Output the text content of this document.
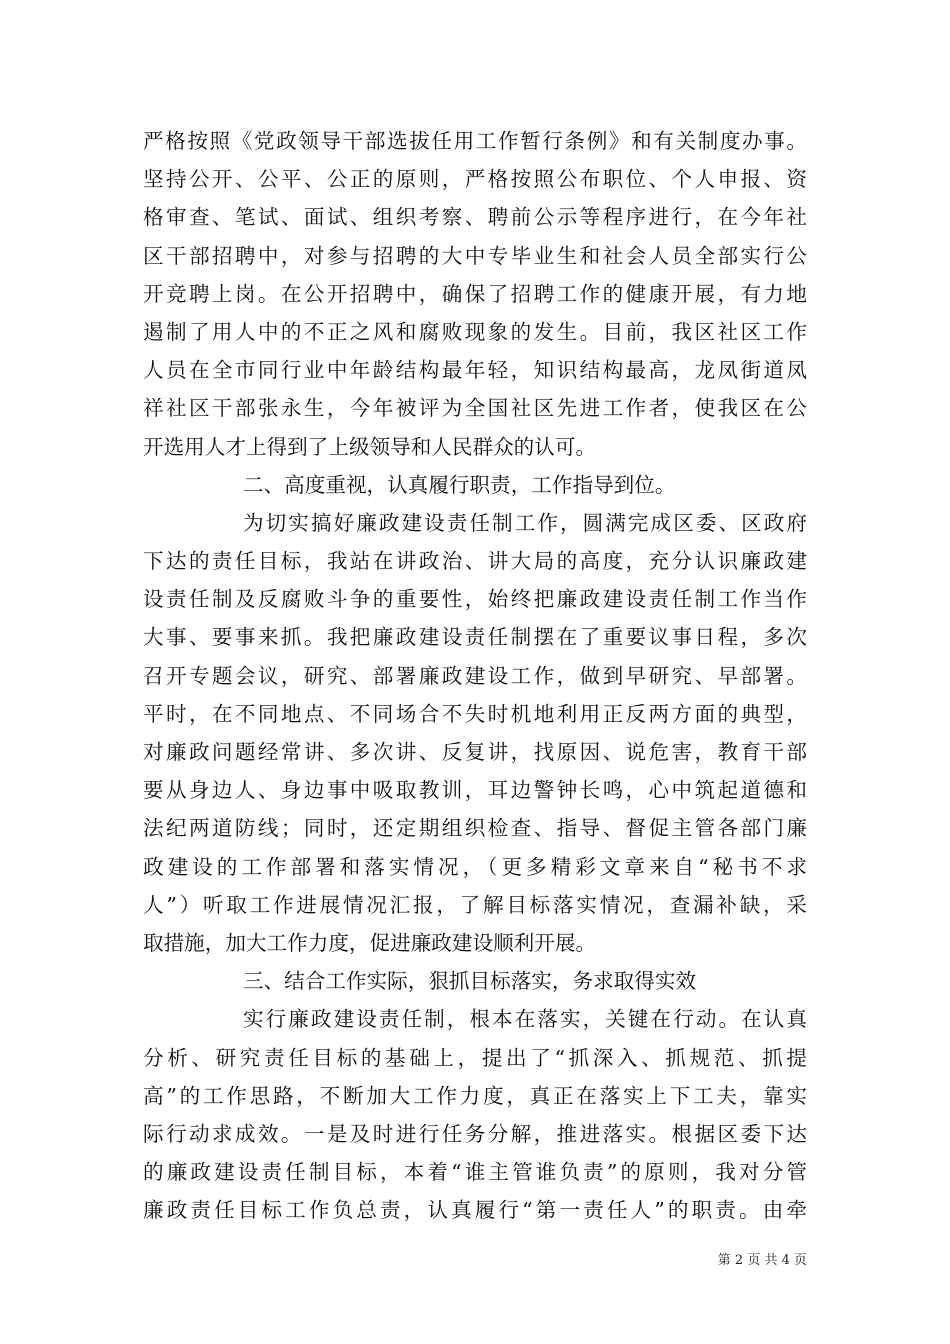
严格按照《党政领导干部选拔任用工作暂行条例》和有关制度办事。
坚持公开、公平、公正的原则，严格按照公布职位、个人申报、资
格审查、笔试、面试、组织考察、聘前公示等程序进行，在今年社
区干部招聘中，对参与招聘的大中专毕业生和社会人员全部实行公
开竞聘上岗。在公开招聘中，确保了招聘工作的健康开展，有力地
遏制了用人中的不正之风和腐败现象的发生。目前，我区社区工作
人员在全市同行业中年龄结构最年轻，知识结构最高，龙凤街道凤
祥社区干部张永生，今年被评为全国社区先进工作者，使我区在公
开选用人才上得到了上级领导和人民群众的认可。
二、高度重视，认真履行职责，工作指导到位。
为切实搞好廉政建设责任制工作，圆满完成区委、区政府
下达的责任目标，我站在讲政治、讲大局的高度，充分认识廉政建
设责任制及反腐败斗争的重要性，始终把廉政建设责任制工作当作
大事、要事来抓。我把廉政建设责任制摆在了重要议事日程，多次
召开专题会议，研究、部署廉政建设工作，做到早研究、早部署。
平时，在不同地点、不同场合不失时机地利用正反两方面的典型，
对廉政问题经常讲、多次讲、反复讲，找原因、说危害，教育干部
要从身边人、身边事中吸取教训，耳边警钟长鸣，心中筑起道德和
法纪两道防线；同时，还定期组织检查、指导、督促主管各部门廉
政建设的工作部署和落实情况，（更多精彩文章来自“秘书不求
人”）听取工作进展情况汇报，了解目标落实情况，查漏补缺，采
取措施，加大工作力度，促进廉政建设顺利开展。
三、结合工作实际，狠抓目标落实，务求取得实效
实行廉政建设责任制，根本在落实，关键在行动。在认真
分析、研究责任目标的基础上，提出了“抓深入、抓规范、抓提
高”的工作思路，不断加大工作力度，真正在落实上下工夫，靠实
际行动求成效。一是及时进行任务分解，推进落实。根据区委下达
的廉政建设责任制目标，本着“谁主管谁负责”的原则，我对分管
廉政责任目标工作负总责，认真履行“第一责任人”的职责。由牵
第 2 页 共 4 页
